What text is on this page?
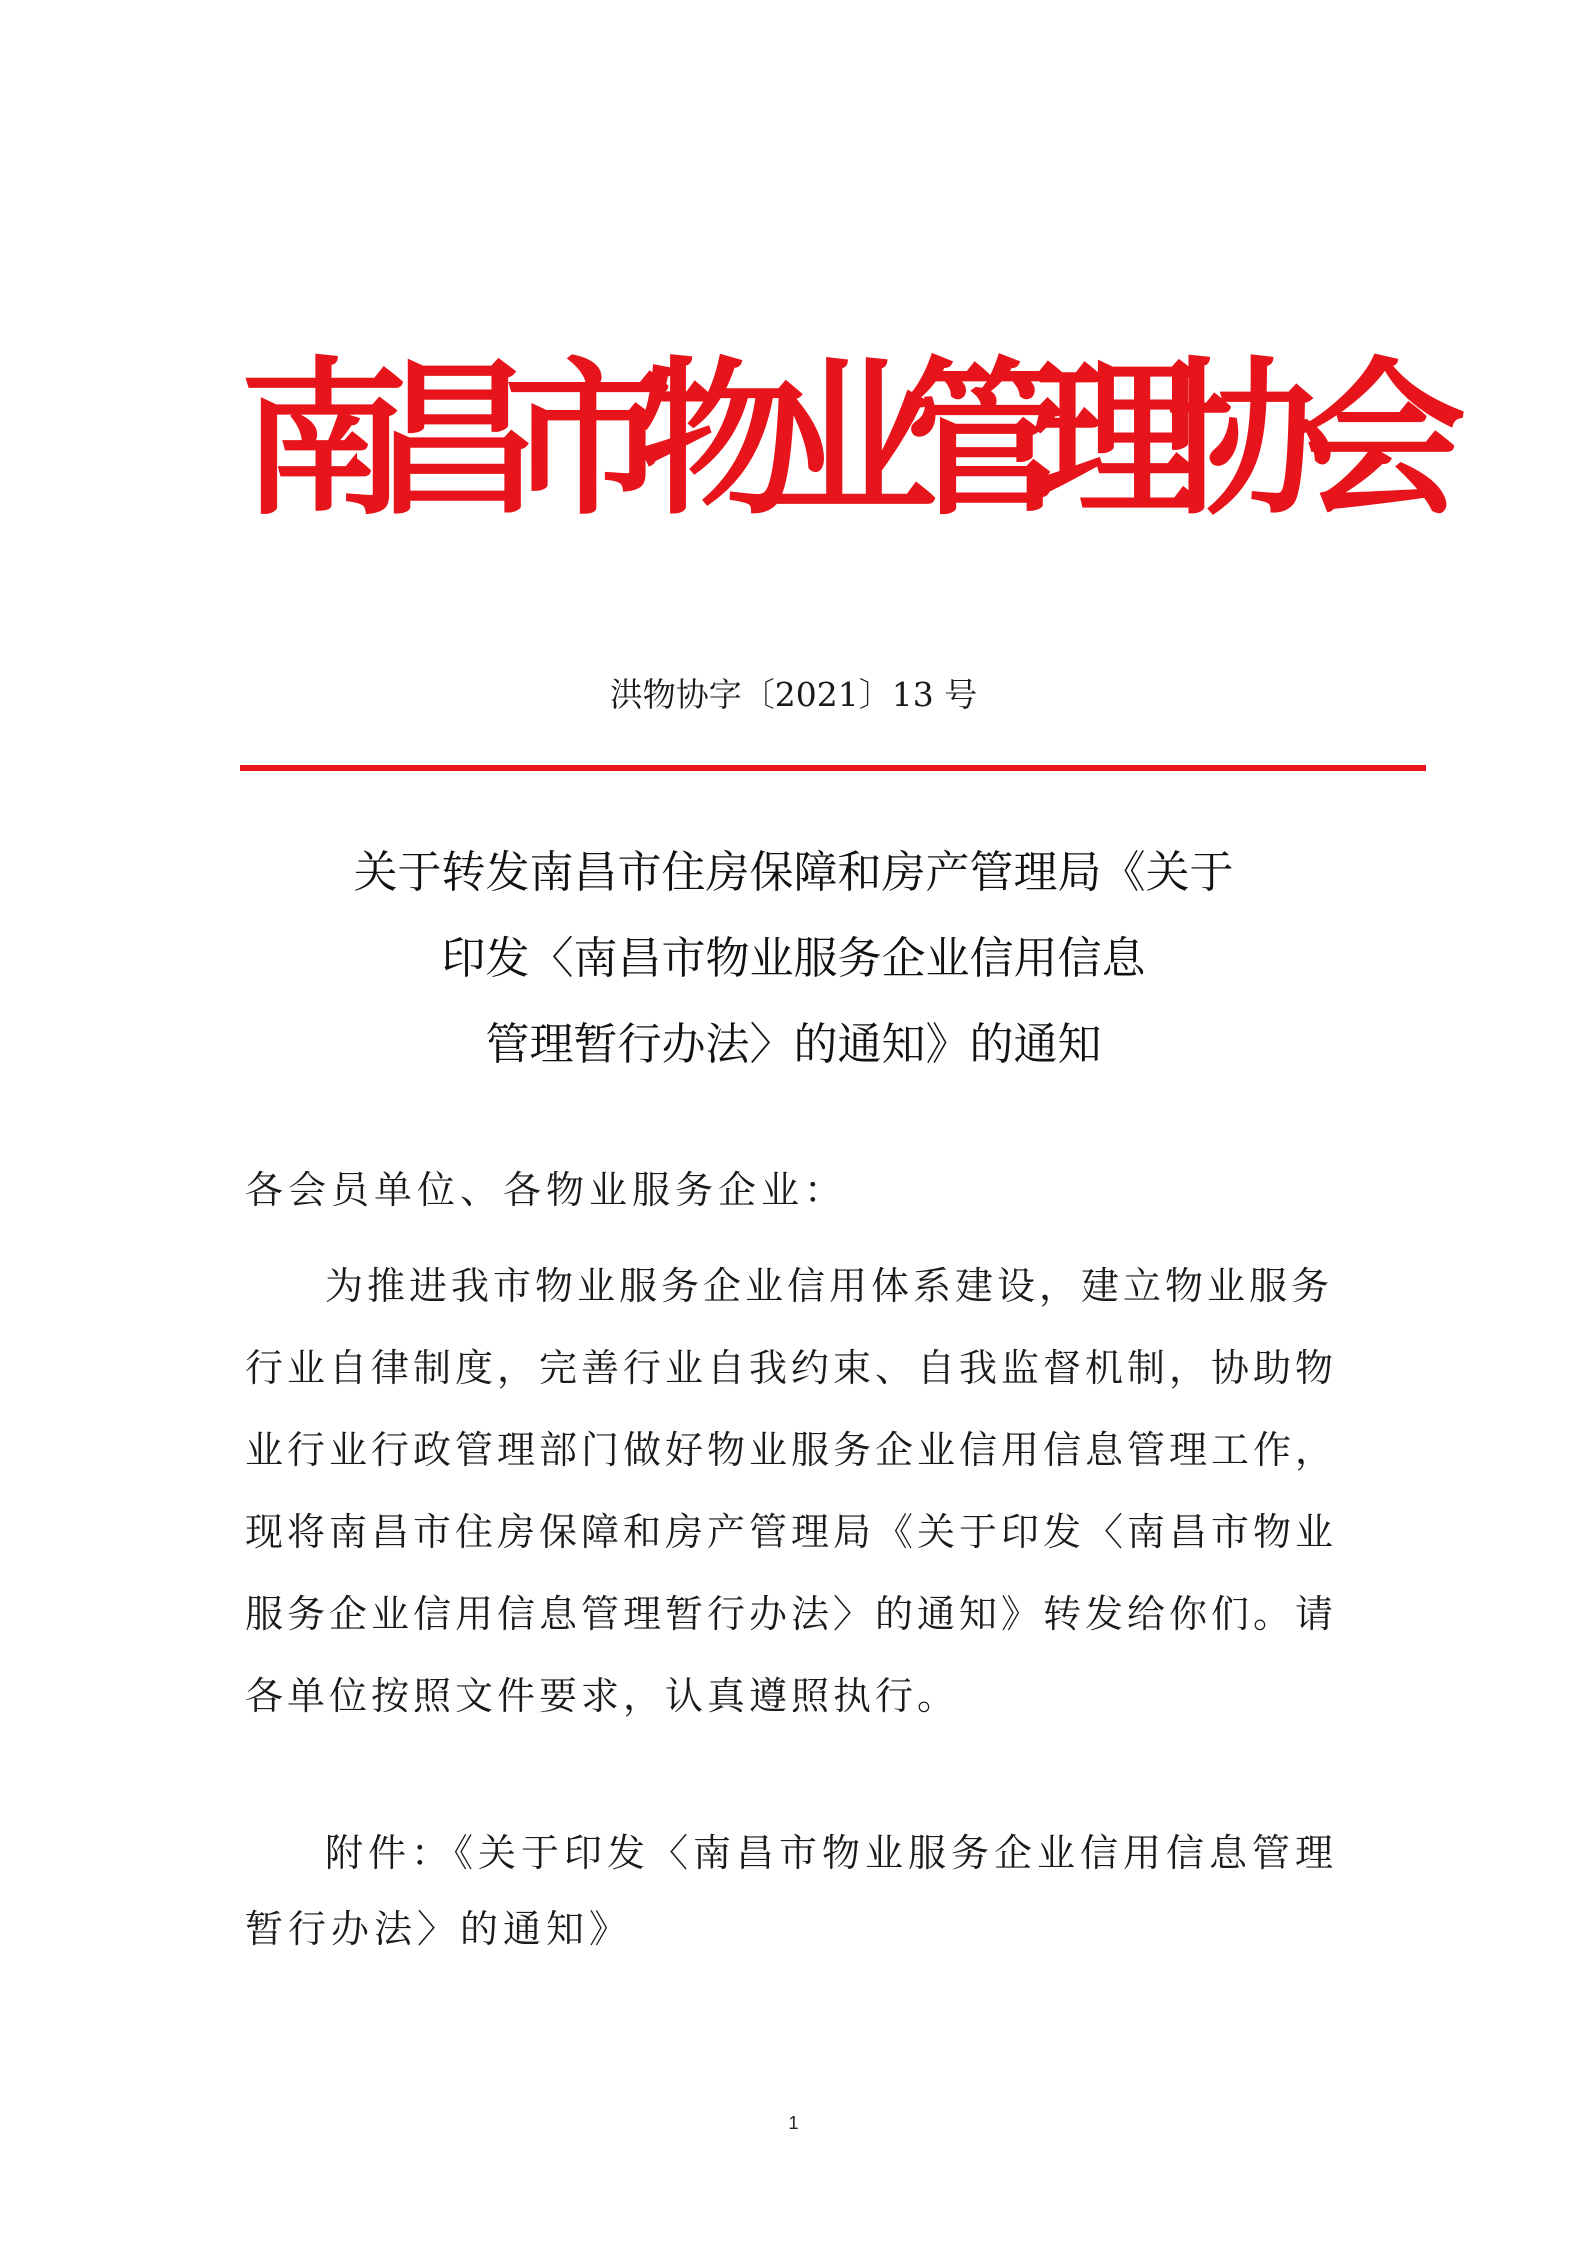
南
昌
市
物
业
管
理
协
会
洪物协字〔2021〕13 号
关于转发南昌市住房保障和房产管理局《关于
印发〈南昌市物业服务企业信用信息
管理暂行办法〉的通知》的通知
各会员单位、各物业服务企业：
为推进我市物业服务企业信用体系建设，建立物业服务
行业自律制度，完善行业自我约束、自我监督机制，协助物
业行业行政管理部门做好物业服务企业信用信息管理工作，
现将南昌市住房保障和房产管理局《关于印发〈南昌市物业
服务企业信用信息管理暂行办法〉的通知》转发给你们。请
各单位按照文件要求，认真遵照执行。
附件：《关于印发〈南昌市物业服务企业信用信息管理
暂行办法〉的通知》
1
